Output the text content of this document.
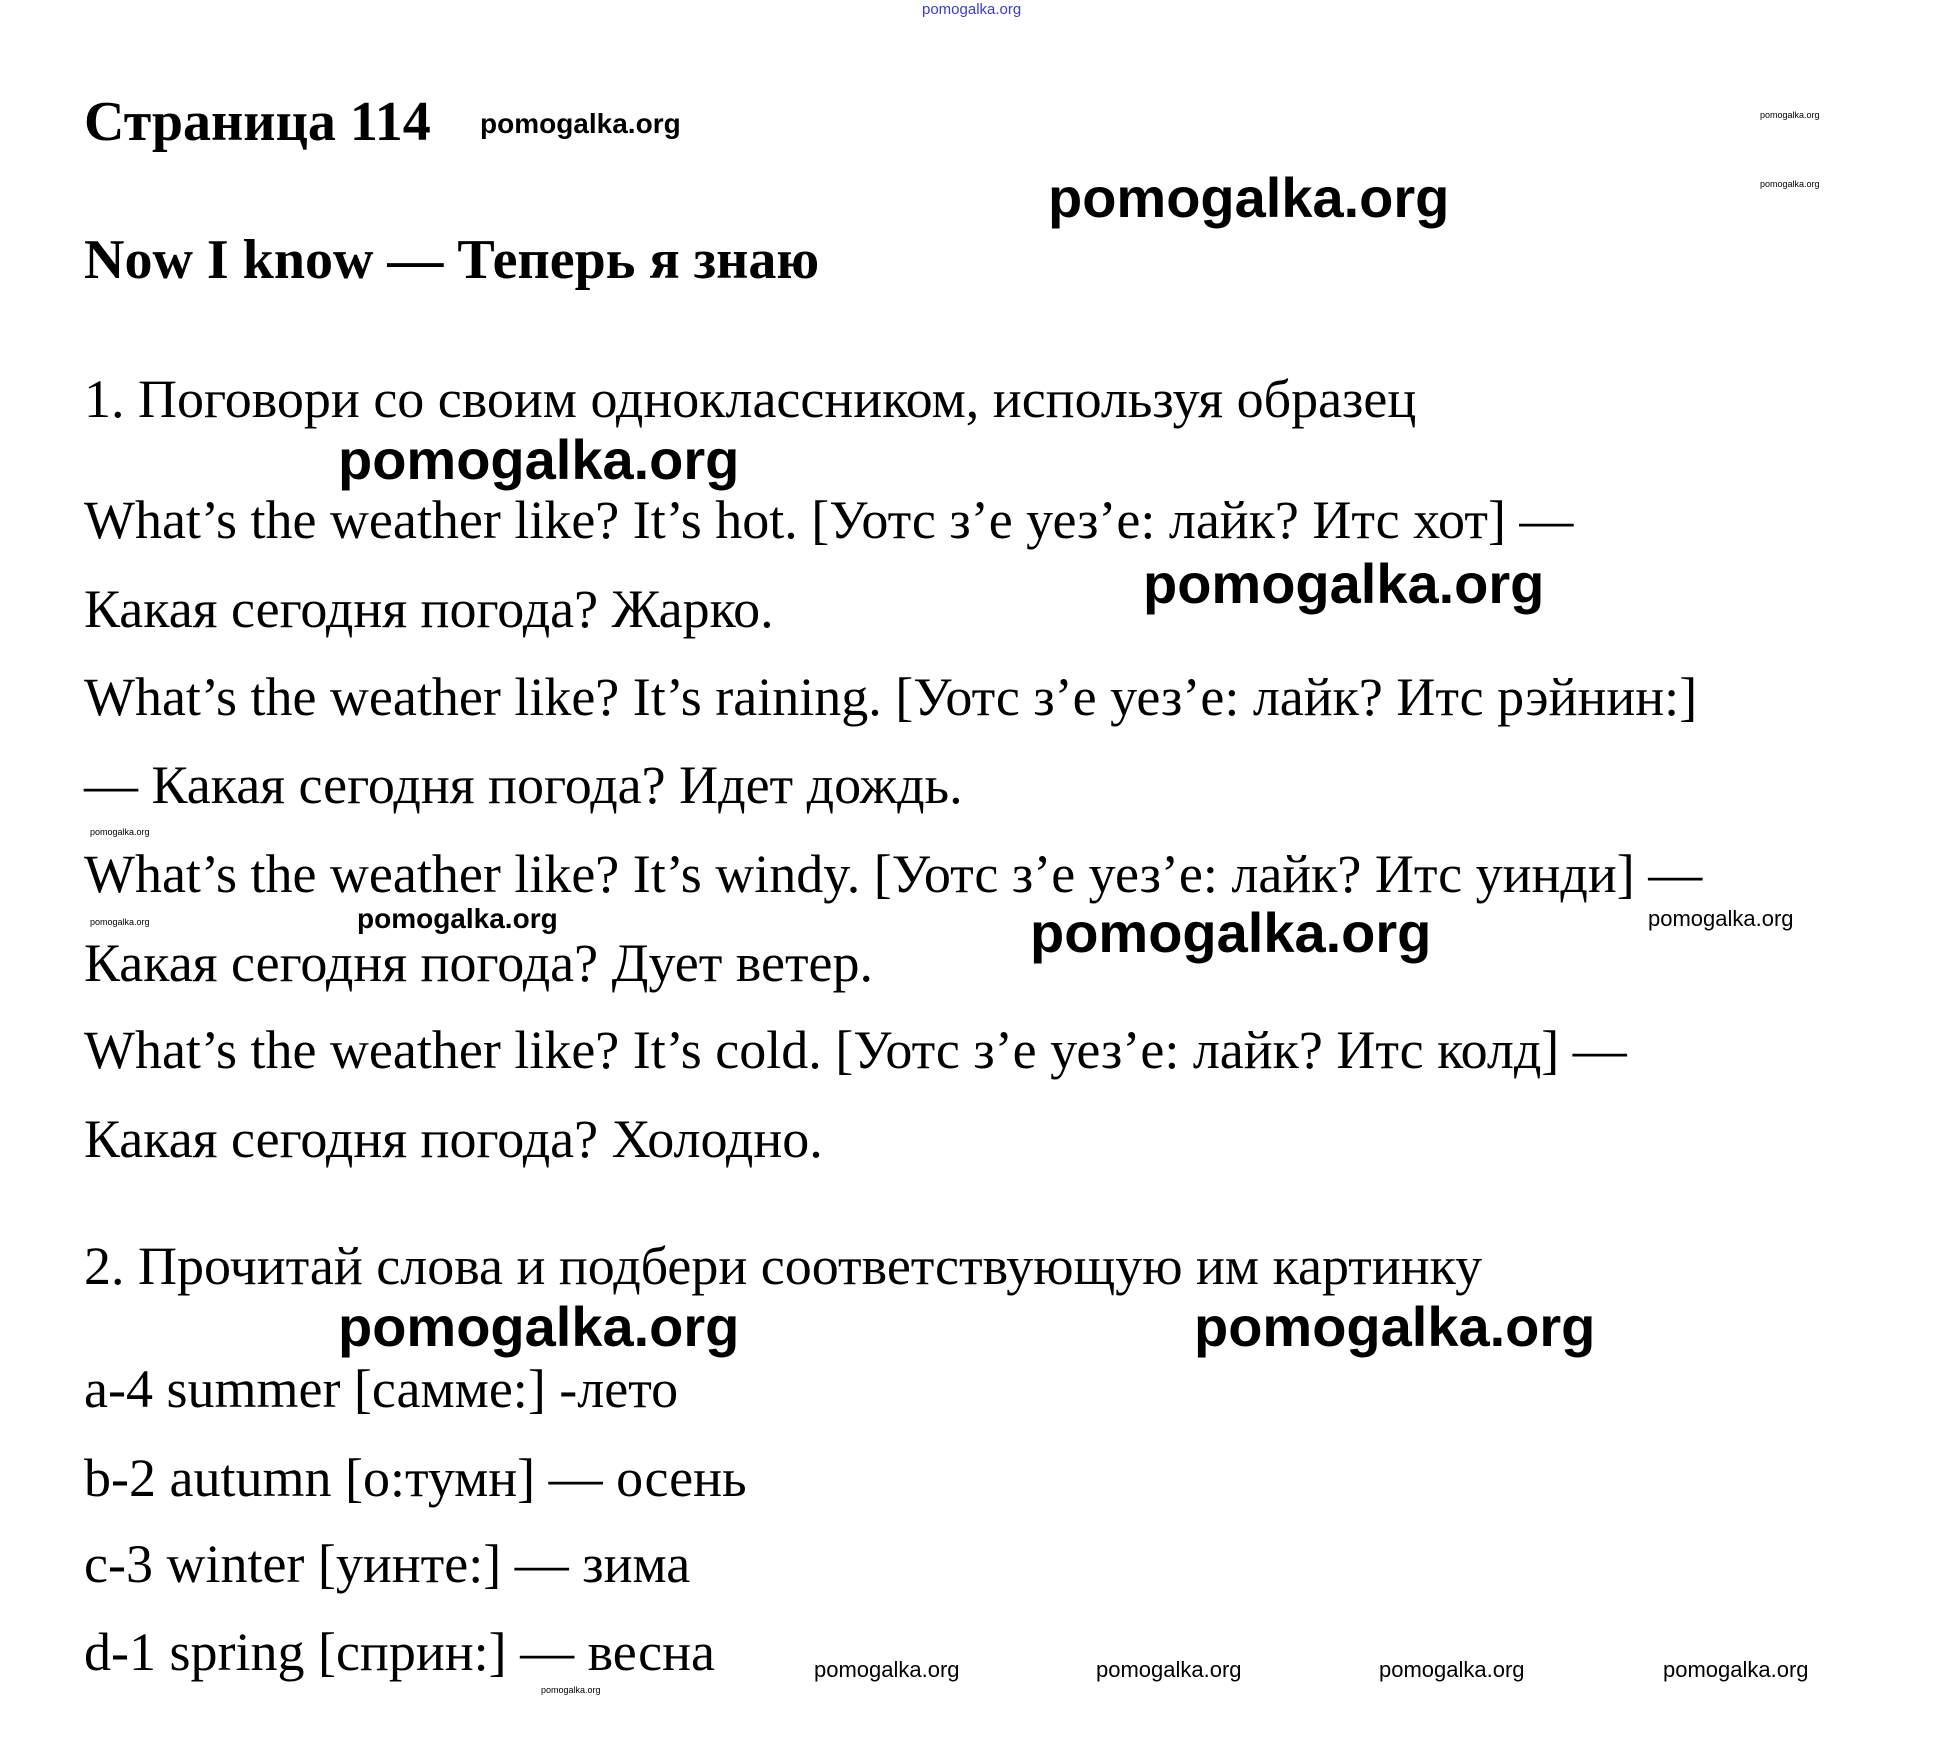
pomogalka.org
Страница 114 pomogalka.org	pomogalka.org
pomogalka.org
pomogalka.org
Now I know — Теперь я знаю
1. Поговори со своим одноклассником, используя образец
pomogalka.org
What’s the weather like? It’s hot. [Уотс з’е уез’е: лайк? Итс хот] —
pomogalka.org
Какая сегодня погода? Жарко.
What’s the weather like? It’s raining. [Уотс з’е уез’е: лайк? Итс рэйнин:]
— Какая сегодня погода? Идет дождь.
pomogalka.org
What’s the weather like? It’s windy. [Уотс з’е уез’е: лайк? Итс уинди] —
pomogalka.org	pomogalka.org	pomogalka.org
Какая сегодня погода? Дует ветер.	pomogalka.org
What’s the weather like? It’s cold. [Уотс з’е уез’е: лайк? Итс колд] —
Какая сегодня погода? Холодно.
2. Прочитай слова и подбери соответствующую им картинку
pomogalka.org	pomogalka.org
a-4 summer [самме:] -лето
b-2 autumn [о:тумн] — осень
c-3 winter [уинте:] — зима
d-1 spring [сприн:] — весна
pomogalka.org
pomogalka.org	pomogalka.org	pomogalka.org	pomogalka.org
